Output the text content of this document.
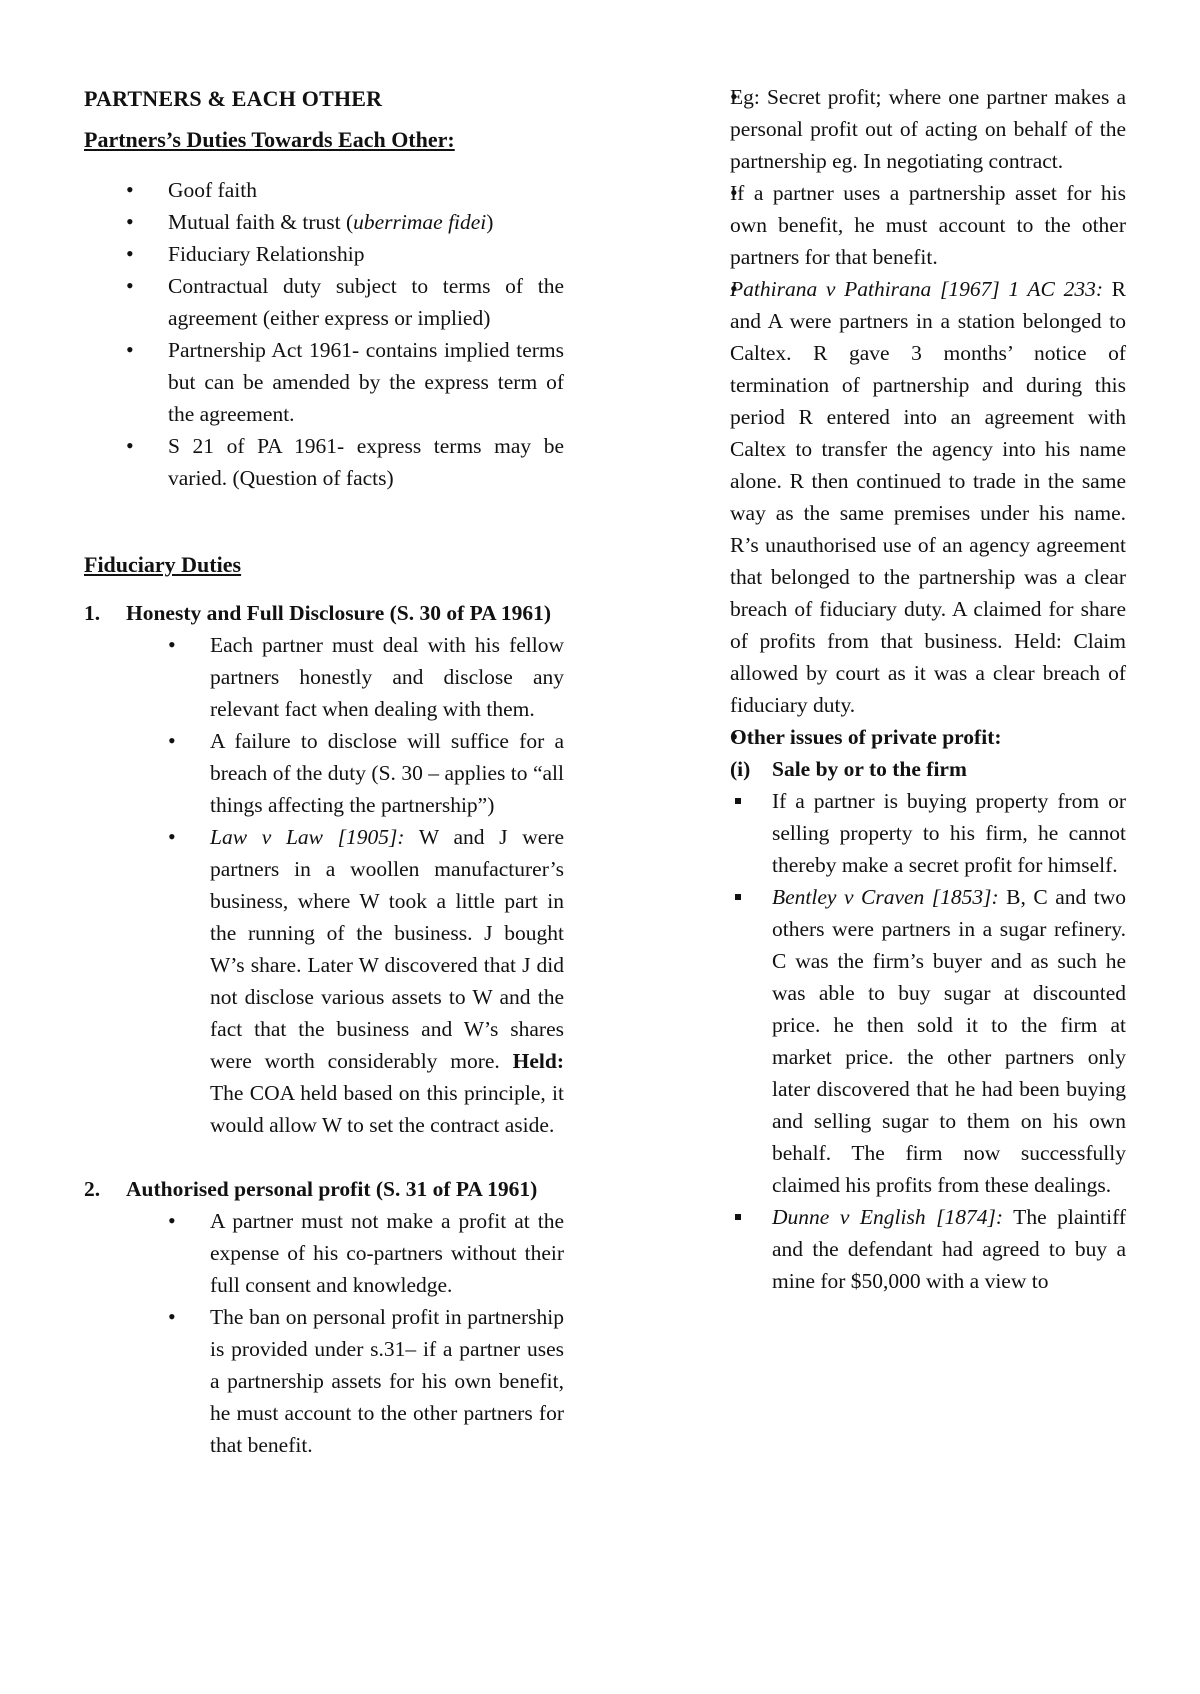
PARTNERS & EACH OTHER
Partners’s Duties Towards Each Other:
• Goof faith
• Mutual faith & trust (uberrimae fidei)
• Fiduciary Relationship
• Contractual duty subject to terms of the agreement (either express or implied)
• Partnership Act 1961- contains implied terms but can be amended by the express term of the agreement.
• S 21 of PA 1961- express terms may be varied. (Question of facts)
Fiduciary Duties
1. Honesty and Full Disclosure (S. 30 of PA 1961)
• Each partner must deal with his fellow partners honestly and disclose any relevant fact when dealing with them.
• A failure to disclose will suffice for a breach of the duty (S. 30 – applies to “all things affecting the partnership”)
• Law v Law [1905]: W and J were partners in a woollen manufacturer’s business, where W took a little part in the running of the business. J bought W’s share. Later W discovered that J did not disclose various assets to W and the fact that the business and W’s shares were worth considerably more. Held: The COA held based on this principle, it would allow W to set the contract aside.
2. Authorised personal profit (S. 31 of PA 1961)
• A partner must not make a profit at the expense of his co-partners without their full consent and knowledge.
• The ban on personal profit in partnership is provided under s.31– if a partner uses a partnership assets for his own benefit, he must account to the other partners for that benefit.
• Eg: Secret profit; where one partner makes a personal profit out of acting on behalf of the partnership eg. In negotiating contract.
• If a partner uses a partnership asset for his own benefit, he must account to the other partners for that benefit.
• Pathirana v Pathirana [1967] 1 AC 233: R and A were partners in a station belonged to Caltex. R gave 3 months’ notice of termination of partnership and during this period R entered into an agreement with Caltex to transfer the agency into his name alone. R then continued to trade in the same way as the same premises under his name. R’s unauthorised use of an agency agreement that belonged to the partnership was a clear breach of fiduciary duty. A claimed for share of profits from that business. Held: Claim allowed by court as it was a clear breach of fiduciary duty.
• Other issues of private profit:
(i) Sale by or to the firm
If a partner is buying property from or selling property to his firm, he cannot thereby make a secret profit for himself.
Bentley v Craven [1853]: B, C and two others were partners in a sugar refinery. C was the firm’s buyer and as such he was able to buy sugar at discounted price. he then sold it to the firm at market price. the other partners only later discovered that he had been buying and selling sugar to them on his own behalf. The firm now successfully claimed his profits from these dealings.
Dunne v English [1874]: The plaintiff and the defendant had agreed to buy a mine for $50,000 with a view to
